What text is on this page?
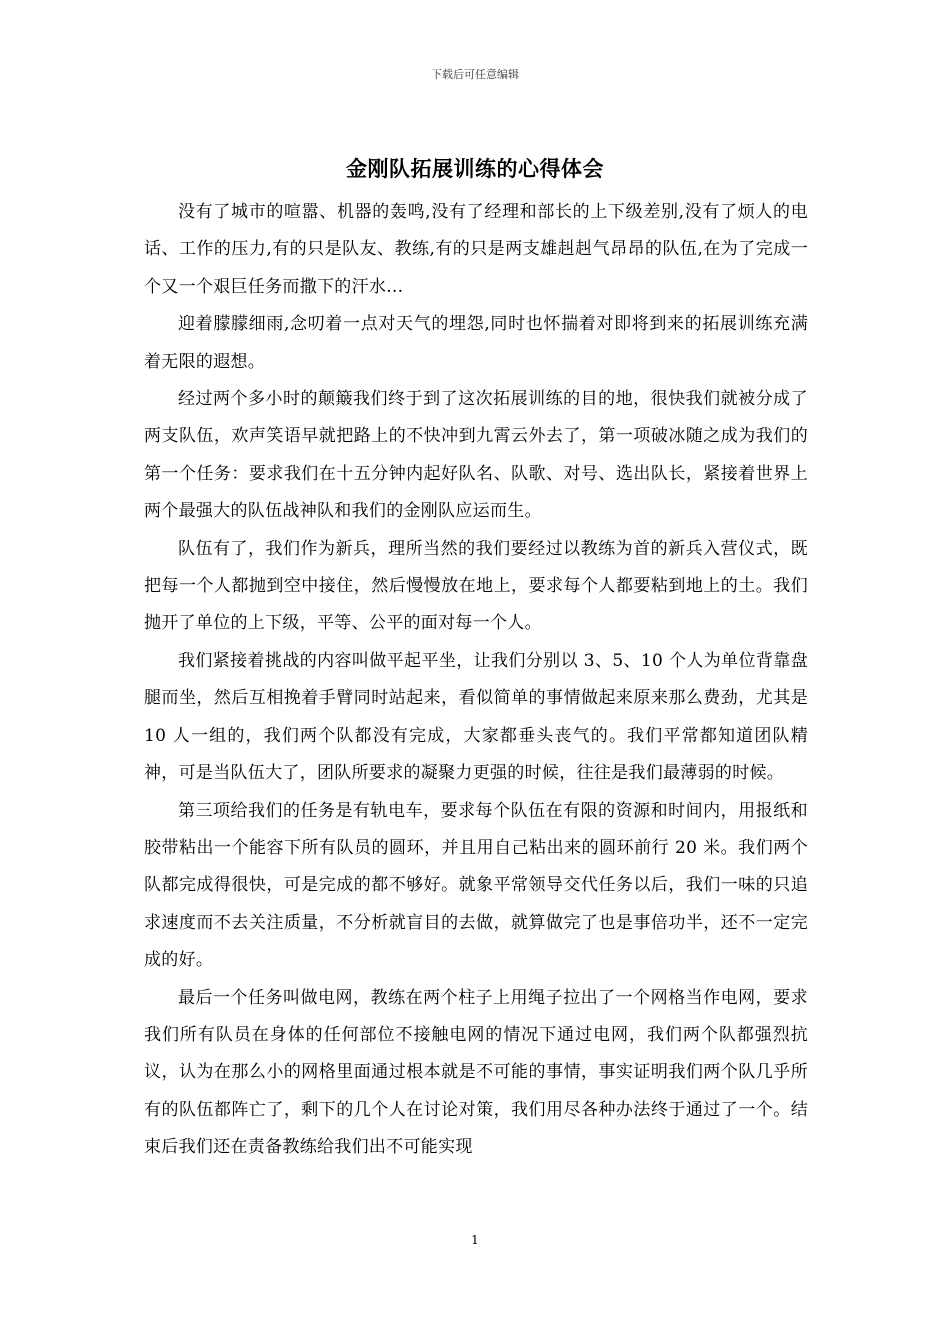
下载后可任意编辑
金刚队拓展训练的心得体会

没有了城市的喧嚣、机器的轰鸣,没有了经理和部长的上下级差别,没有了烦人的电话、工作的压力,有的只是队友、教练,有的只是两支雄赳赳气昂昂的队伍,在为了完成一个又一个艰巨任务而撒下的汗水...

迎着朦朦细雨,念叨着一点对天气的埋怨,同时也怀揣着对即将到来的拓展训练充满着无限的遐想。

经过两个多小时的颠簸我们终于到了这次拓展训练的目的地，很快我们就被分成了两支队伍，欢声笑语早就把路上的不快冲到九霄云外去了，第一项破冰随之成为我们的第一个任务：要求我们在十五分钟内起好队名、队歌、对号、选出队长，紧接着世界上两个最强大的队伍战神队和我们的金刚队应运而生。

队伍有了，我们作为新兵，理所当然的我们要经过以教练为首的新兵入营仪式，既把每一个人都抛到空中接住，然后慢慢放在地上，要求每个人都要粘到地上的土。我们抛开了单位的上下级，平等、公平的面对每一个人。

我们紧接着挑战的内容叫做平起平坐，让我们分别以 3、5、10 个人为单位背靠盘腿而坐，然后互相挽着手臂同时站起来，看似简单的事情做起来原来那么费劲，尤其是 10 人一组的，我们两个队都没有完成，大家都垂头丧气的。我们平常都知道团队精神，可是当队伍大了，团队所要求的凝聚力更强的时候，往往是我们最薄弱的时候。

第三项给我们的任务是有轨电车，要求每个队伍在有限的资源和时间内，用报纸和胶带粘出一个能容下所有队员的圆环，并且用自己粘出来的圆环前行 20 米。我们两个队都完成得很快，可是完成的都不够好。就象平常领导交代任务以后，我们一味的只追求速度而不去关注质量，不分析就盲目的去做，就算做完了也是事倍功半，还不一定完成的好。

最后一个任务叫做电网，教练在两个柱子上用绳子拉出了一个网格当作电网，要求我们所有队员在身体的任何部位不接触电网的情况下通过电网，我们两个队都强烈抗议，认为在那么小的网格里面通过根本就是不可能的事情，事实证明我们两个队几乎所有的队伍都阵亡了，剩下的几个人在讨论对策，我们用尽各种办法终于通过了一个。结束后我们还在责备教练给我们出不可能实现

1
